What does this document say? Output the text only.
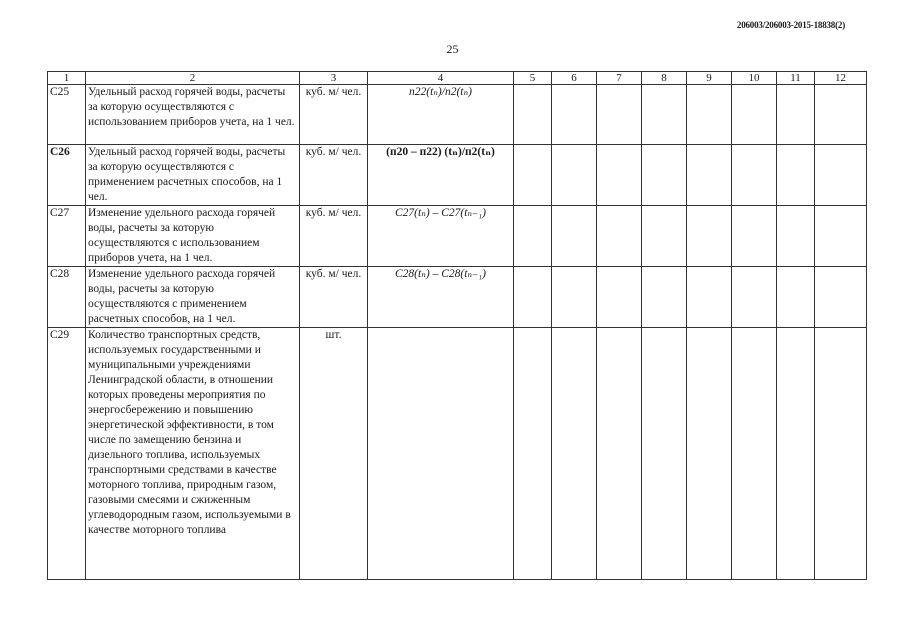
206003/206003-2015-18838(2)
25
1	2	3	4	5	6	7	8	9	10	11	12
С25	Удельный расход горячей воды, расчеты за которую осуществляются с использованием приборов учета, на 1 чел.	куб. м/ чел.	п22(tₙ)/п2(tₙ)								
С26	Удельный расход горячей воды, расчеты за которую осуществляются с применением расчетных способов, на 1 чел.	куб. м/ чел.	(п20 – п22) (tₙ)/п2(tₙ)								
С27	Изменение удельного расхода горячей воды, расчеты за которую осуществляются с использованием приборов учета, на 1 чел.	куб. м/ чел.	С27(tₙ) – С27(tₙ₋₁)								
С28	Изменение удельного расхода горячей воды, расчеты за которую осуществляются с применением расчетных способов, на 1 чел.	куб. м/ чел.	С28(tₙ) – С28(tₙ₋₁)								
С29	Количество транспортных средств, используемых государственными и муниципальными учреждениями Ленинградской области, в отношении которых проведены мероприятия по энергосбережению и повышению энергетической эффективности, в том числе по замещению бензина и дизельного топлива, используемых транспортными средствами в качестве моторного топлива, природным газом, газовыми смесями и сжиженным углеводородным газом, используемыми в качестве моторного топлива	шт.									
